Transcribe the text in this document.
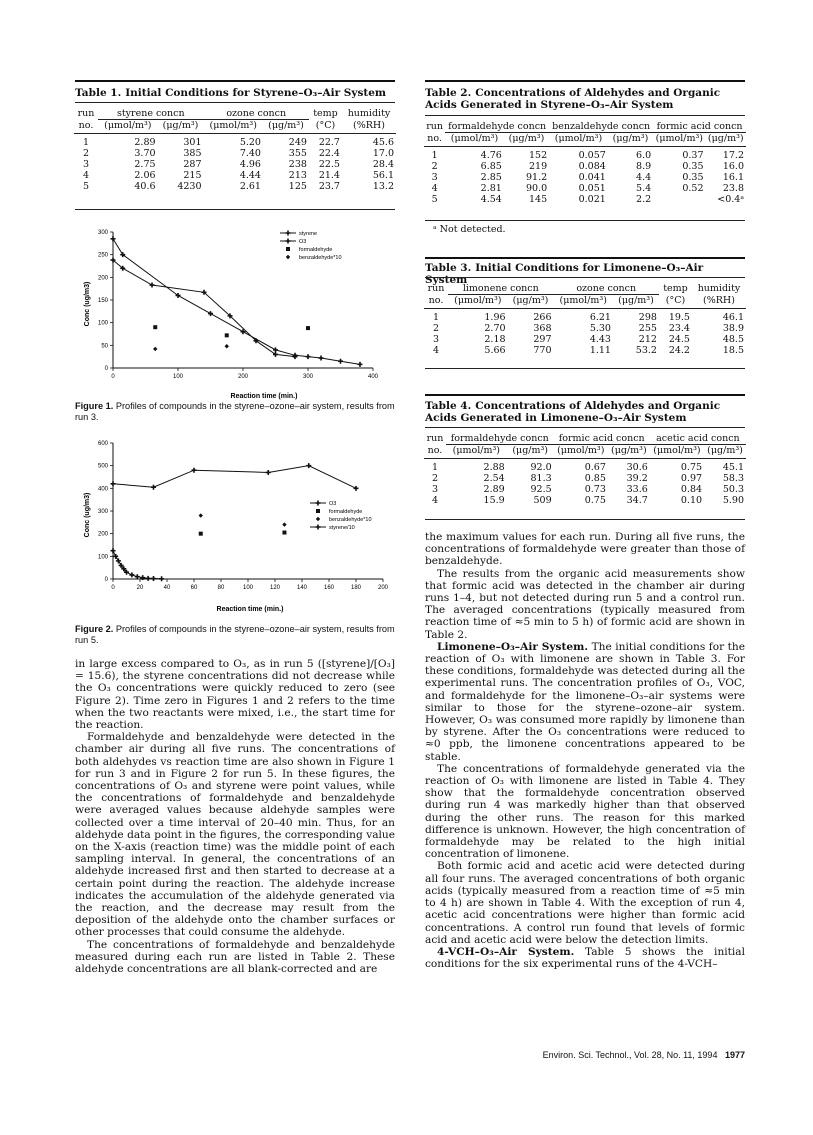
Table 1. Initial Conditions for Styrene–O₃–Air System
run	styrene concn		ozone concn		temp	humidity
no.	(μmol/m³)	(μg/m³)	(μmol/m³)	(μg/m³)	(°C)	(%RH)
1	2.89	301	5.20	249	22.7	45.6
2	3.70	385	7.40	355	22.4	17.0
3	2.75	287	4.96	238	22.5	28.4
4	2.06	215	4.44	213	21.4	56.1
5	40.6	4230	2.61	125	23.7	13.2
0	100	200	300	400
0
50
100
150
200
250
300	styrene
O3
formaldehyde
benzaldehyde*10
Reaction time (min.)
Conc (ug/m3)
Figure 1. Profiles of compounds in the styrene–ozone–air system, results from run 3.
0	20	40	60	80	100	120	140	160	180	200
0
100
200
300
400
500
600
O3
formaldehyde
benzaldehyde*10
styrene/10
Reaction time (min.)
Conc (ug/m3)
Figure 2. Profiles of compounds in the styrene–ozone–air system, results from run 5.

in large excess compared to O₃, as in run 5 ([styrene]/[O₃] = 15.6), the styrene concentrations did not decrease while the O₃ concentrations were quickly reduced to zero (see Figure 2). Time zero in Figures 1 and 2 refers to the time when the two reactants were mixed, i.e., the start time for the reaction.

Formaldehyde and benzaldehyde were detected in the chamber air during all five runs. The concentrations of both aldehydes vs reaction time are also shown in Figure 1 for run 3 and in Figure 2 for run 5. In these figures, the concentrations of O₃ and styrene were point values, while the concentrations of formaldehyde and benzaldehyde were averaged values because aldehyde samples were collected over a time interval of 20–40 min. Thus, for an aldehyde data point in the figures, the corresponding value on the X-axis (reaction time) was the middle point of each sampling interval. In general, the concentrations of an aldehyde increased first and then started to decrease at a certain point during the reaction. The aldehyde increase indicates the accumulation of the aldehyde generated via the reaction, and the decrease may result from the deposition of the aldehyde onto the chamber surfaces or other processes that could consume the aldehyde.

The concentrations of formaldehyde and benzaldehyde measured during each run are listed in Table 2. These aldehyde concentrations are all blank-corrected and are

Table 2. Concentrations of Aldehydes and Organic Acids Generated in Styrene–O₃–Air System
run	formaldehyde concn		benzaldehyde concn		formic acid concn	
no.	(μmol/m³)	(μg/m³)	(μmol/m³)	(μg/m³)	(μmol/m³)	(μg/m³)
1	4.76	152	0.057	6.0	0.37	17.2
2	6.85	219	0.084	8.9	0.35	16.0
3	2.85	91.2	0.041	4.4	0.35	16.1
4	2.81	90.0	0.051	5.4	0.52	23.8
5	4.54	145	0.021	2.2		<0.4ᵃ
ᵃ Not detected.
Table 3. Initial Conditions for Limonene–O₃–Air System
run	limonene concn		ozone concn		temp	humidity
no.	(μmol/m³)	(μg/m³)	(μmol/m³)	(μg/m³)	(°C)	(%RH)
1	1.96	266	6.21	298	19.5	46.1
2	2.70	368	5.30	255	23.4	38.9
3	2.18	297	4.43	212	24.5	48.5
4	5.66	770	1.11	53.2	24.2	18.5
Table 4. Concentrations of Aldehydes and Organic Acids Generated in Limonene–O₃–Air System
run	formaldehyde concn		formic acid concn		acetic acid concn	
no.	(μmol/m³)	(μg/m³)	(μmol/m³)	(μg/m³)	(μmol/m³)	(μg/m³)
1	2.88	92.0	0.67	30.6	0.75	45.1
2	2.54	81.3	0.85	39.2	0.97	58.3
3	2.89	92.5	0.73	33.6	0.84	50.3
4	15.9	509	0.75	34.7	0.10	5.90

the maximum values for each run. During all five runs, the concentrations of formaldehyde were greater than those of benzaldehyde.

The results from the organic acid measurements show that formic acid was detected in the chamber air during runs 1–4, but not detected during run 5 and a control run. The averaged concentrations (typically measured from reaction time of ≈5 min to 5 h) of formic acid are shown in Table 2.

Limonene–O₃–Air System. The initial conditions for the reaction of O₃ with limonene are shown in Table 3. For these conditions, formaldehyde was detected during all the experimental runs. The concentration profiles of O₃, VOC, and formaldehyde for the limonene–O₃–air systems were similar to those for the styrene–ozone–air system. However, O₃ was consumed more rapidly by limonene than by styrene. After the O₃ concentrations were reduced to ≈0 ppb, the limonene concentrations appeared to be stable.

The concentrations of formaldehyde generated via the reaction of O₃ with limonene are listed in Table 4. They show that the formaldehyde concentration observed during run 4 was markedly higher than that observed during the other runs. The reason for this marked difference is unknown. However, the high concentration of formaldehyde may be related to the high initial concentration of limonene.

Both formic acid and acetic acid were detected during all four runs. The averaged concentrations of both organic acids (typically measured from a reaction time of ≈5 min to 4 h) are shown in Table 4. With the exception of run 4, acetic acid concentrations were higher than formic acid concentrations. A control run found that levels of formic acid and acetic acid were below the detection limits.

4-VCH–O₃–Air System. Table 5 shows the initial conditions for the six experimental runs of the 4-VCH–

Environ. Sci. Technol., Vol. 28, No. 11, 1994 1977
